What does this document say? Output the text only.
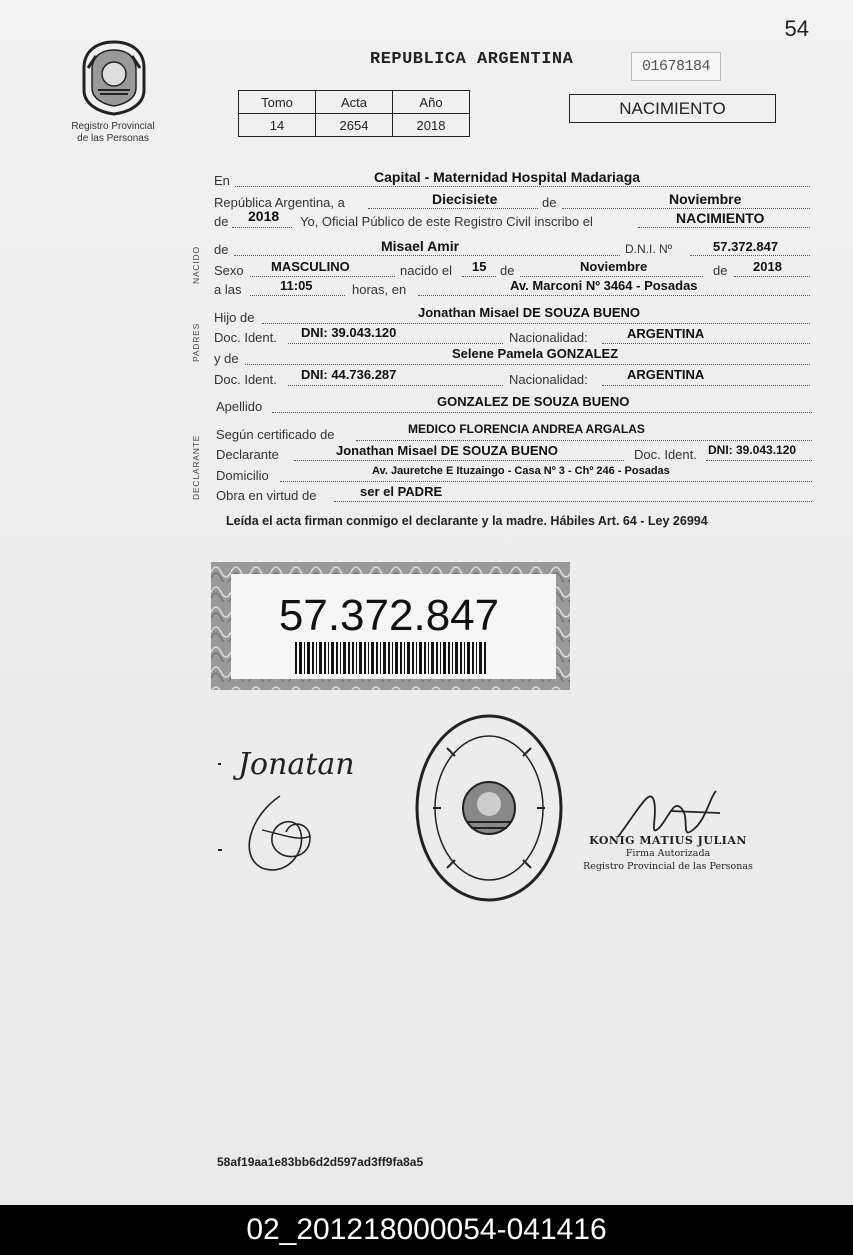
54
Registro Provincial
de las Personas
REPUBLICA ARGENTINA	01678184
Tomo	Acta	Año
14	2654	2018
NACIMIENTO
NACIDO
PADRES
DECLARANTE
En	Capital - Maternidad Hospital Madariaga
República Argentina, a	Diecisiete	de	Noviembre
de 2018 Yo, Oficial Público de este Registro Civil inscribo el	NACIMIENTO
de	Misael Amir	D.N.I. Nº	57.372.847
Sexo MASCULINO	nacido el 15 de	Noviembre	de 2018
a las	11:05	horas, en	Av. Marconi Nº 3464 - Posadas
Hijo de	Jonathan Misael DE SOUZA BUENO
Doc. Ident. DNI: 39.043.120	Nacionalidad:	ARGENTINA
y de	Selene Pamela GONZALEZ
Doc. Ident. DNI: 44.736.287	Nacionalidad:	ARGENTINA
Apellido	GONZALEZ DE SOUZA BUENO
Según certificado de	MEDICO FLORENCIA ANDREA ARGALAS
Declarante	Jonathan Misael DE SOUZA BUENO	Doc. Ident. DNI: 39.043.120
Domicilio	Av. Jauretche E Ituzaingo - Casa Nº 3 - Chº 246 - Posadas
Obra en virtud de	ser el PADRE
Leída el acta firman conmigo el declarante y la madre. Hábiles Art. 64 - Ley 26994
57.372.847
Jonatan
KONIG MATIUS JULIAN
Firma Autorizada
Registro Provincial de las Personas
58af19aa1e83bb6d2d597ad3ff9fa8a5
02_201218000054-041416
